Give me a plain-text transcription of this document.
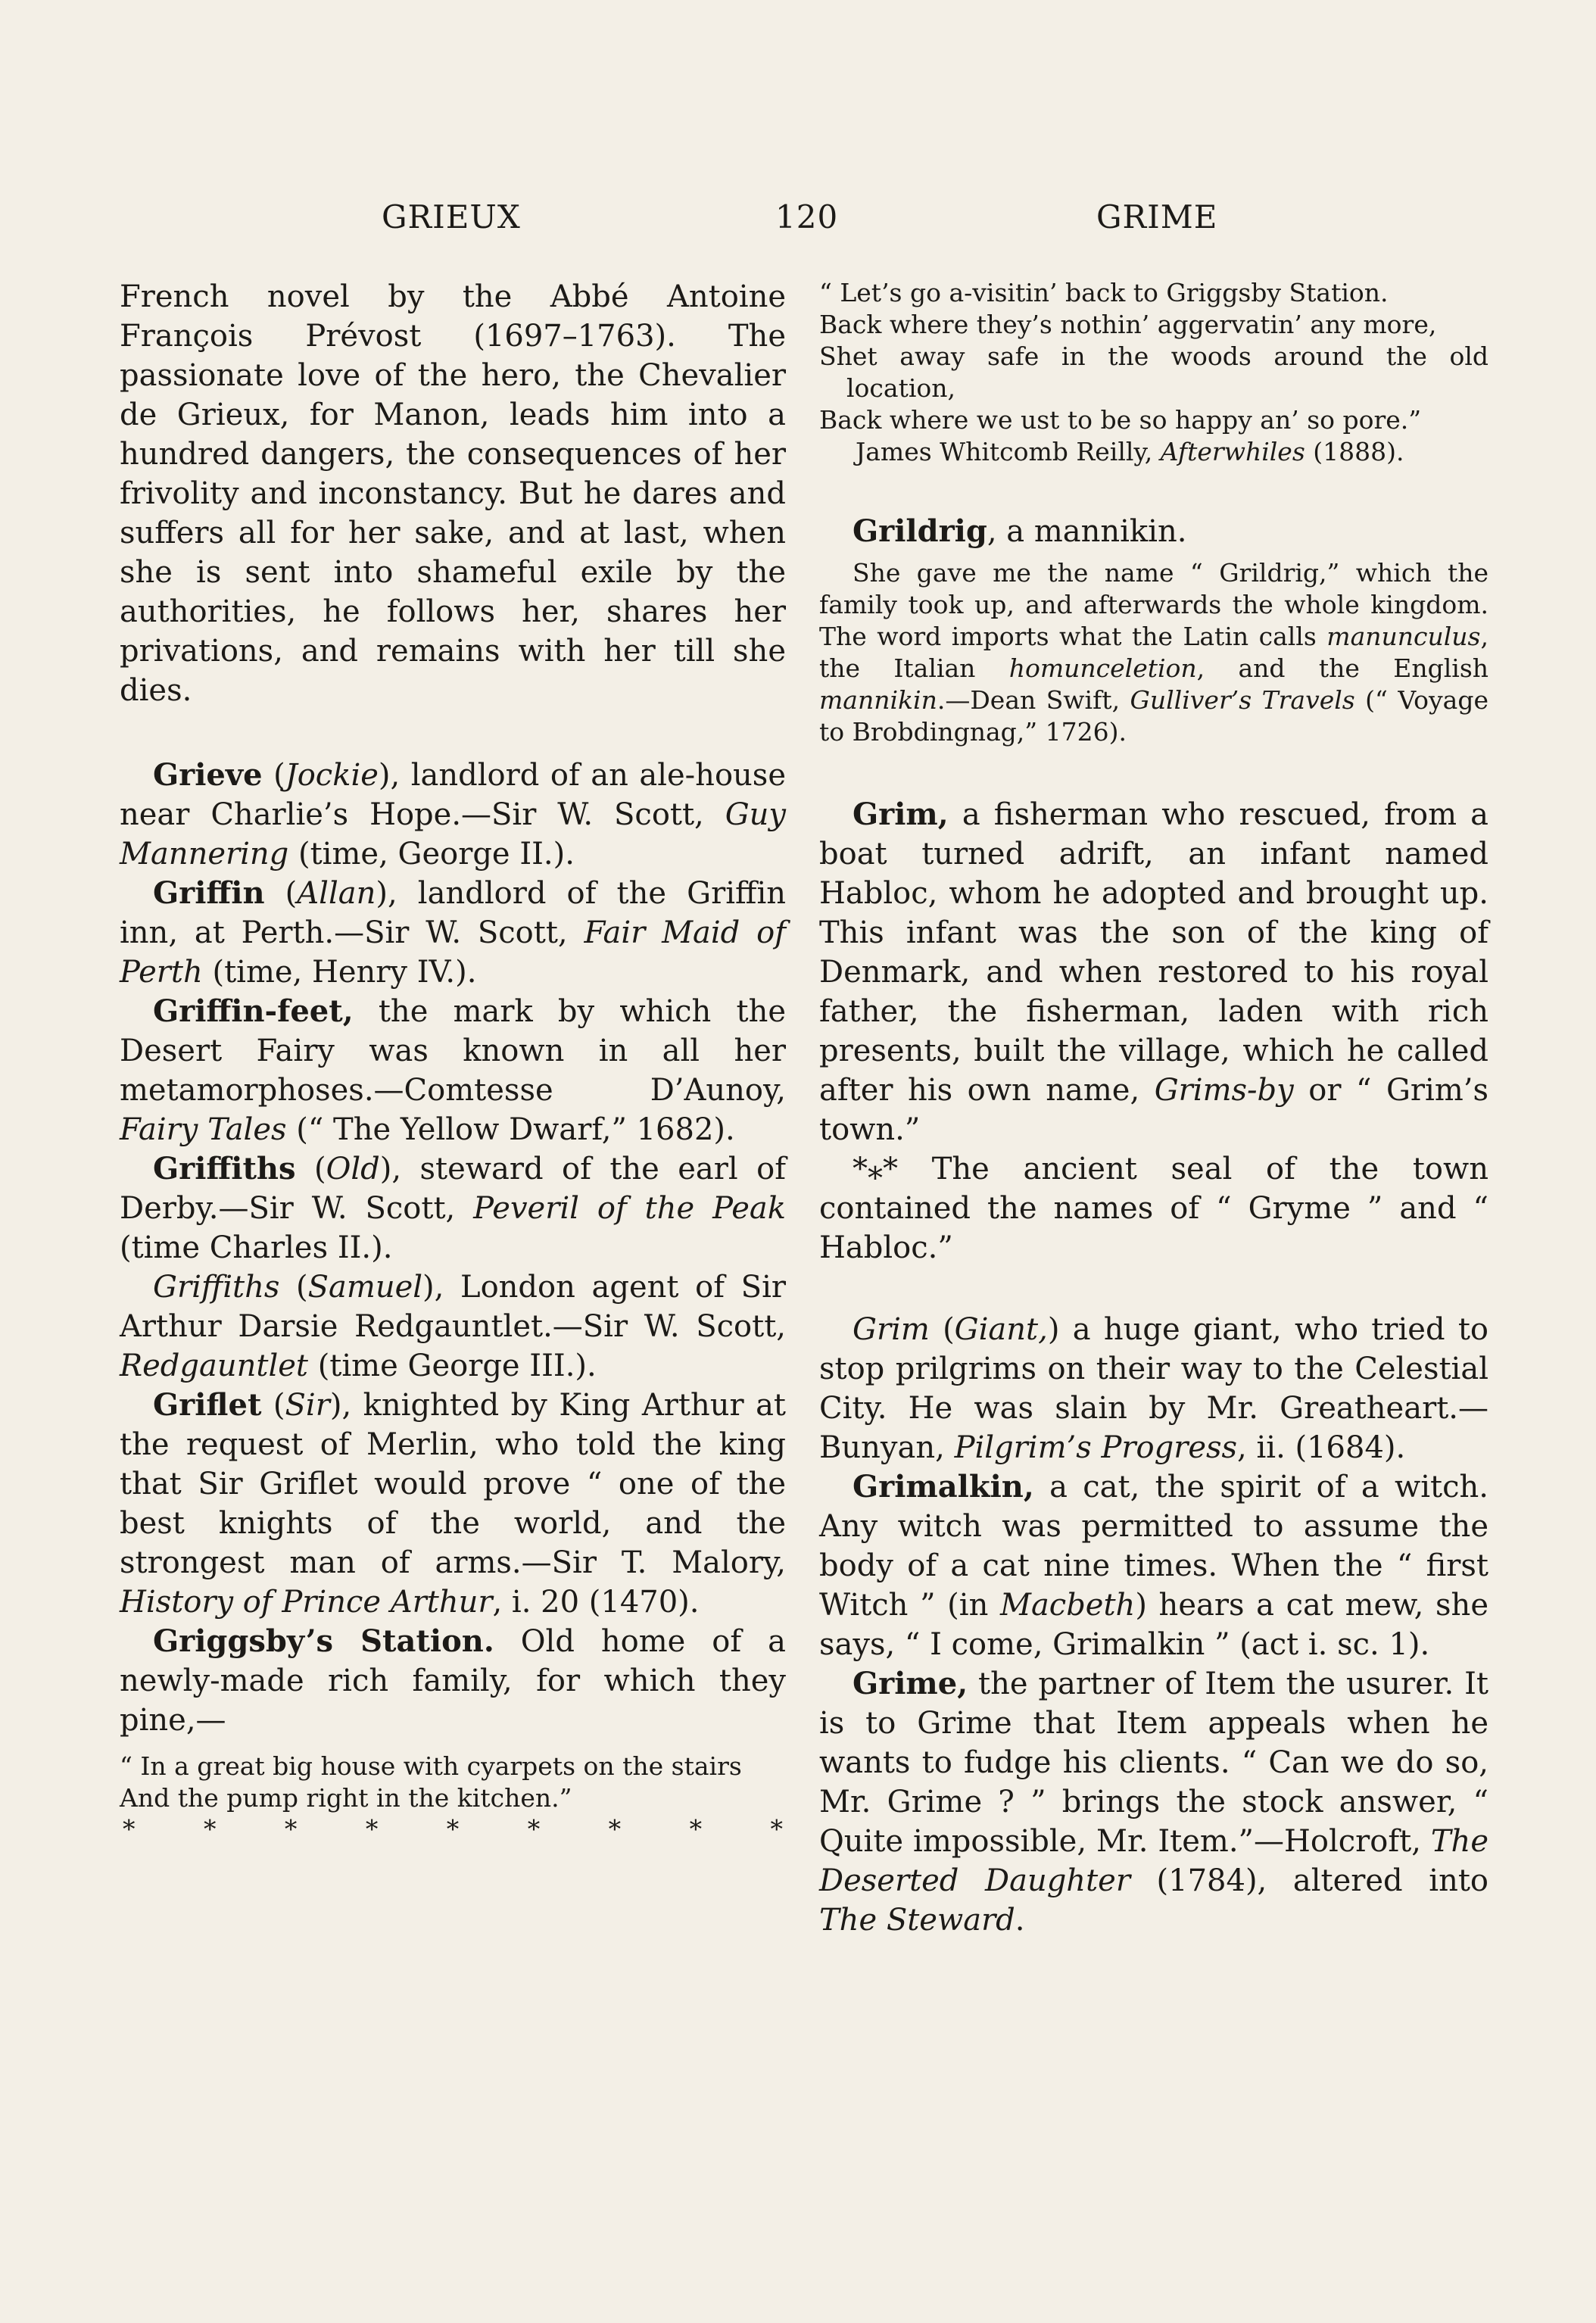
GRIEUX	120	GRIME

French novel by the Abbé Antoine François Prévost (1697–1763). The passionate love of the hero, the Chevalier de Grieux, for Manon, leads him into a hundred dangers, the consequences of her frivolity and inconstancy. But he dares and suffers all for her sake, and at last, when she is sent into shameful exile by the authorities, he follows her, shares her privations, and remains with her till she dies.

Grieve (Jockie), landlord of an ale-house near Charlie’s Hope.—Sir W. Scott, Guy Mannering (time, George II.).

Griffin (Allan), landlord of the Griffin inn, at Perth.—Sir W. Scott, Fair Maid of Perth (time, Henry IV.).

Griffin-feet, the mark by which the Desert Fairy was known in all her metamorphoses.—Comtesse D’Aunoy, Fairy Tales (“ The Yellow Dwarf,” 1682).

Griffiths (Old), steward of the earl of Derby.—Sir W. Scott, Peveril of the Peak (time Charles II.).

Griffiths (Samuel), London agent of Sir Arthur Darsie Redgauntlet.—Sir W. Scott, Redgauntlet (time George III.).

Griflet (Sir), knighted by King Arthur at the request of Merlin, who told the king that Sir Griflet would prove “ one of the best knights of the world, and the strongest man of arms.—Sir T. Malory, History of Prince Arthur, i. 20 (1470).

Griggsby’s Station. Old home of a newly-made rich family, for which they pine,—

“ In a great big house with cyarpets on the stairs
And the pump right in the kitchen.”
*	*	*	*	*	*	*	*	*
“ Let’s go a-visitin’ back to Griggsby Station.
Back where they’s nothin’ aggervatin’ any more,
Shet away safe in the woods around the old location,
Back where we ust to be so happy an’ so pore.”
James Whitcomb Reilly, Afterwhiles (1888).

Grildrig, a mannikin.

She gave me the name “ Grildrig,” which the family took up, and afterwards the whole kingdom. The word imports what the Latin calls manunculus, the Italian homunceletion, and the English mannikin.—Dean Swift, Gulliver’s Travels (“ Voyage to Brobdingnag,” 1726).

Grim, a fisherman who rescued, from a boat turned adrift, an infant named Habloc, whom he adopted and brought up. This infant was the son of the king of Denmark, and when restored to his royal father, the fisherman, laden with rich presents, built the village, which he called after his own name, Grims-by or “ Grim’s town.”

*⁎* The ancient seal of the town contained the names of “ Gryme ” and “ Habloc.”

Grim (Giant,) a huge giant, who tried to stop prilgrims on their way to the Celestial City. He was slain by Mr. Greatheart.—Bunyan, Pilgrim’s Progress, ii. (1684).

Grimalkin, a cat, the spirit of a witch. Any witch was permitted to assume the body of a cat nine times. When the “ first Witch ” (in Macbeth) hears a cat mew, she says, “ I come, Grimalkin ” (act i. sc. 1).

Grime, the partner of Item the usurer. It is to Grime that Item appeals when he wants to fudge his clients. “ Can we do so, Mr. Grime ? ” brings the stock answer, “ Quite impossible, Mr. Item.”—Holcroft, The Deserted Daughter (1784), altered into The Steward.
